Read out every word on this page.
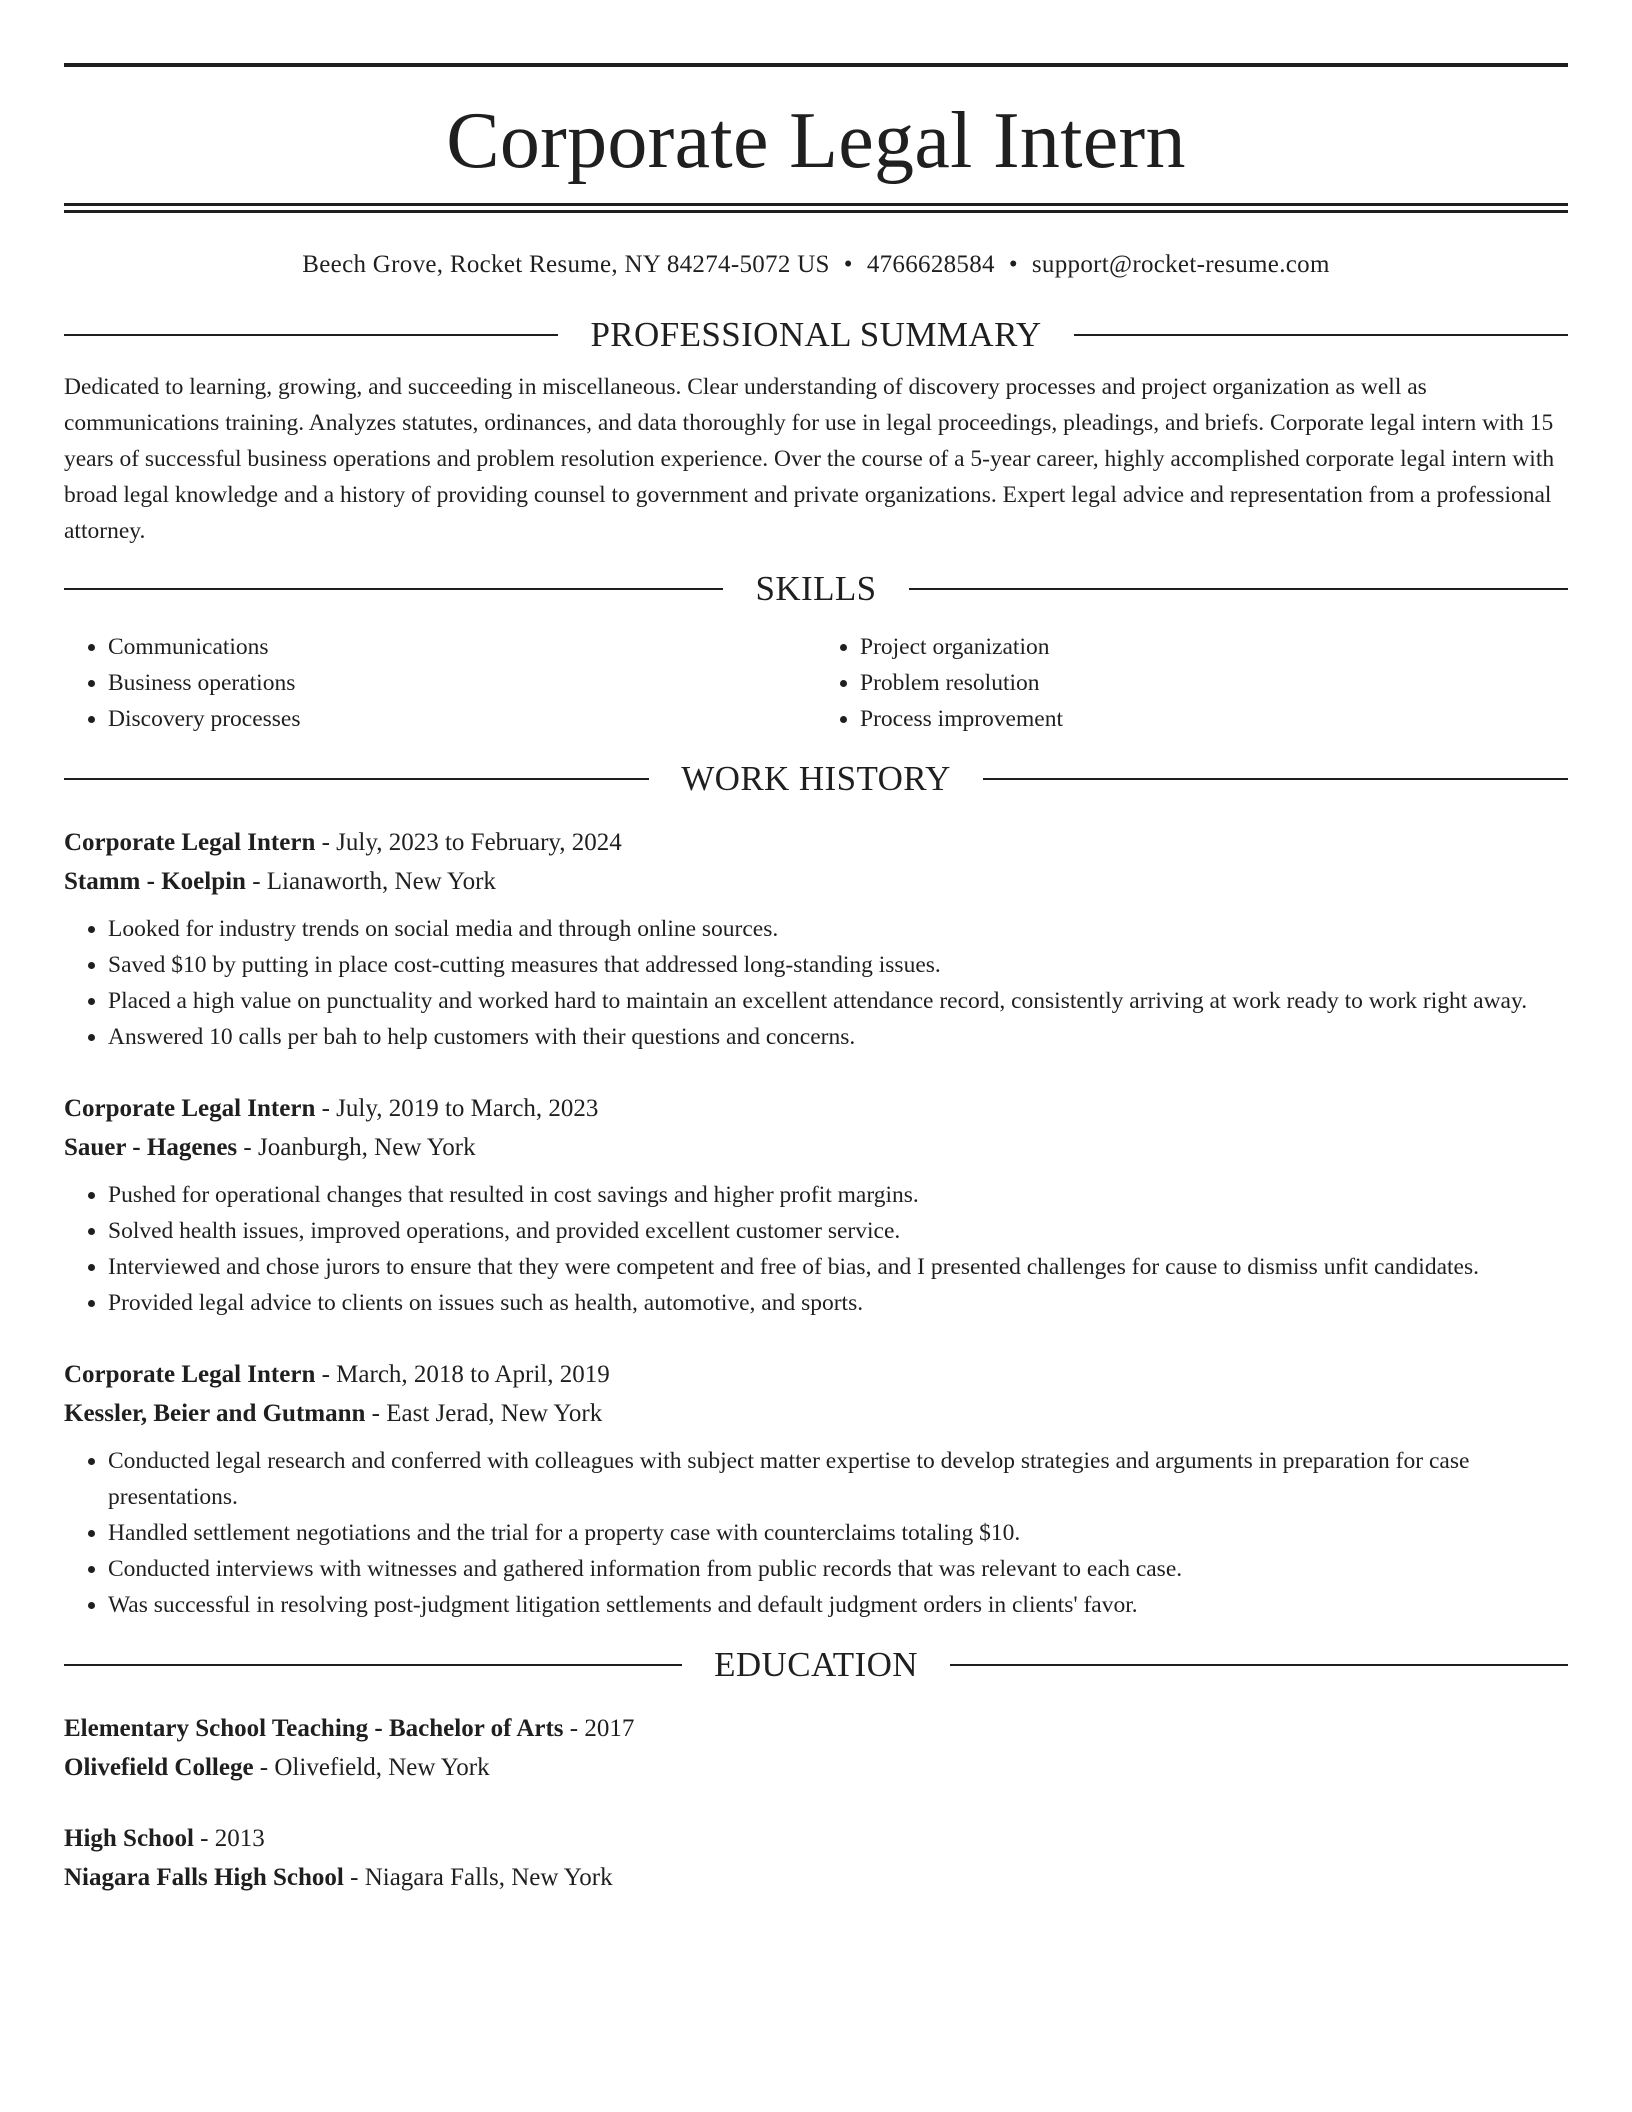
Corporate Legal Intern
Beech Grove, Rocket Resume, NY 84274-5072 US • 4766628584 • support@rocket-resume.com
PROFESSIONAL SUMMARY
Dedicated to learning, growing, and succeeding in miscellaneous. Clear understanding of discovery processes and project organization as well as communications training. Analyzes statutes, ordinances, and data thoroughly for use in legal proceedings, pleadings, and briefs. Corporate legal intern with 15 years of successful business operations and problem resolution experience. Over the course of a 5-year career, highly accomplished corporate legal intern with broad legal knowledge and a history of providing counsel to government and private organizations. Expert legal advice and representation from a professional attorney.
SKILLS
• Communications
• Business operations
• Discovery processes
• Project organization
• Problem resolution
• Process improvement
WORK HISTORY
Corporate Legal Intern - July, 2023 to February, 2024
Stamm - Koelpin - Lianaworth, New York
• Looked for industry trends on social media and through online sources.
• Saved $10 by putting in place cost-cutting measures that addressed long-standing issues.
• Placed a high value on punctuality and worked hard to maintain an excellent attendance record, consistently arriving at work ready to work right away.
• Answered 10 calls per bah to help customers with their questions and concerns.
Corporate Legal Intern - July, 2019 to March, 2023
Sauer - Hagenes - Joanburgh, New York
• Pushed for operational changes that resulted in cost savings and higher profit margins.
• Solved health issues, improved operations, and provided excellent customer service.
• Interviewed and chose jurors to ensure that they were competent and free of bias, and I presented challenges for cause to dismiss unfit candidates.
• Provided legal advice to clients on issues such as health, automotive, and sports.
Corporate Legal Intern - March, 2018 to April, 2019
Kessler, Beier and Gutmann - East Jerad, New York
• Conducted legal research and conferred with colleagues with subject matter expertise to develop strategies and arguments in preparation for case presentations.
• Handled settlement negotiations and the trial for a property case with counterclaims totaling $10.
• Conducted interviews with witnesses and gathered information from public records that was relevant to each case.
• Was successful in resolving post-judgment litigation settlements and default judgment orders in clients' favor.
EDUCATION
Elementary School Teaching - Bachelor of Arts - 2017
Olivefield College - Olivefield, New York
High School - 2013
Niagara Falls High School - Niagara Falls, New York
